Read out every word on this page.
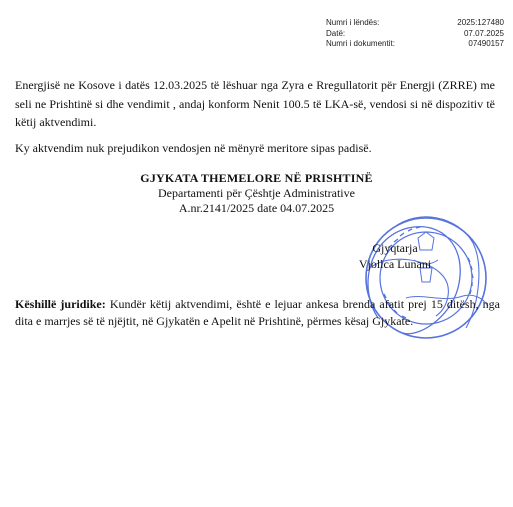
Numri i lëndës:	2025:127480
Datë:	07.07.2025
Numri i dokumentit:	07490157
Energjisë ne Kosove i datës 12.03.2025 të lëshuar nga Zyra e Rregullatorit për Energji (ZRRE) me seli ne Prishtinë si dhe vendimit , andaj konform Nenit 100.5 të LKA-së, vendosi si në dispozitiv të këtij aktvendimi.
Ky aktvendim nuk prejudikon vendosjen në mënyrë meritore sipas padisë.
GJYKATA THEMELORE NË PRISHTINË
Departamenti për Çështje Administrative
A.nr.2141/2025 date 04.07.2025
Gjyqtarja
Vjollca Lunani
Këshillë juridike: Kundër këtij aktvendimi, është e lejuar ankesa brenda afatit prej 15 ditësh, nga dita e marrjes së të njëjtit, në Gjykatën e Apelit në Prishtinë, përmes kësaj Gjykate.
